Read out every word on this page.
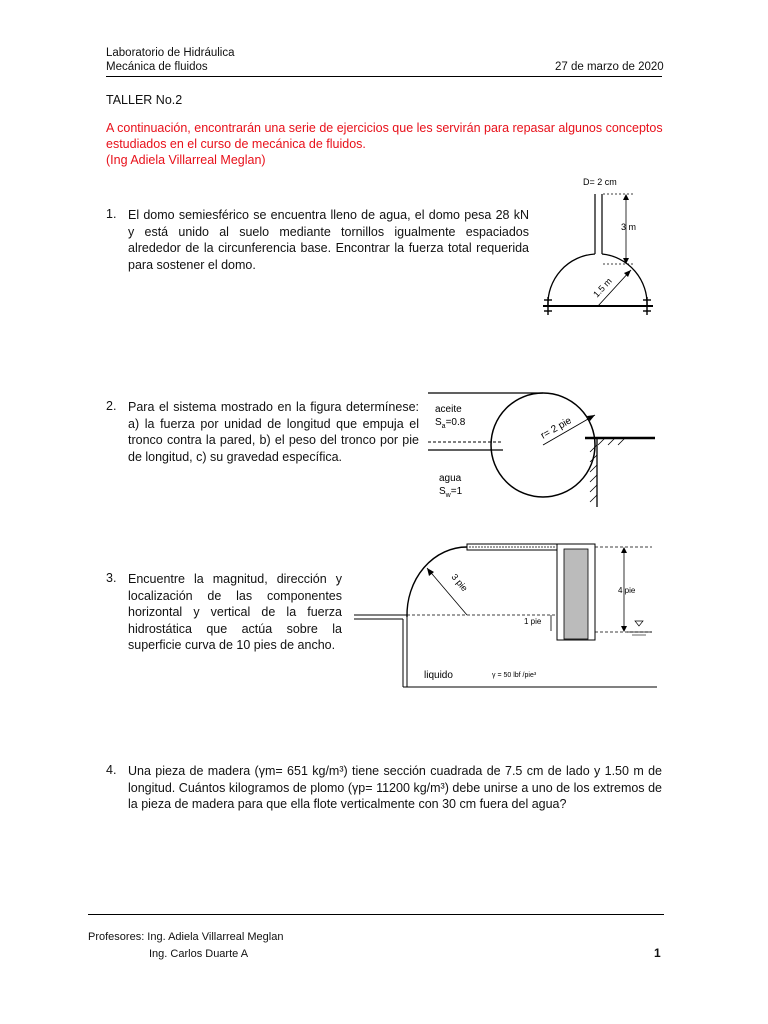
Laboratorio de Hidráulica
Mecánica de fluidos	27 de marzo de 2020
TALLER No.2
A continuación, encontrarán una serie de ejercicios que les servirán para repasar algunos conceptos
estudiados en el curso de mecánica de fluidos.
(Ing Adiela Villarreal Meglan)
1. El domo semiesférico se encuentra lleno de agua, el domo pesa 28 kN y está unido al suelo mediante tornillos igualmente espaciados alrededor de la circunferencia base. Encontrar la fuerza total requerida para sostener el domo.
D= 2 cm
3 m
1.5 m
2. Para el sistema mostrado en la figura determínese: a) la fuerza por unidad de longitud que empuja el tronco contra la pared, b) el peso del tronco por pie de longitud, c) su gravedad específica.
r= 2 pie
aceite
$S_a=0.8$
agua
$S_w=1$
3. Encuentre la magnitud, dirección y localización de las componentes horizontal y vertical de la fuerza hidrostática que actúa sobre la superficie curva de 10 pies de ancho.
4 pie
1 pie
3 pie
liquido	γ = 50 lbf /pie³
4. Una pieza de madera (γm= 651 kg/m³) tiene sección cuadrada de 7.5 cm de lado y 1.50 m de longitud. Cuántos kilogramos de plomo (γp= 11200 kg/m³) debe unirse a uno de los extremos de la pieza de madera para que ella flote verticalmente con 30 cm fuera del agua?
Profesores: Ing. Adiela Villarreal Meglan
Ing. Carlos Duarte A	1
